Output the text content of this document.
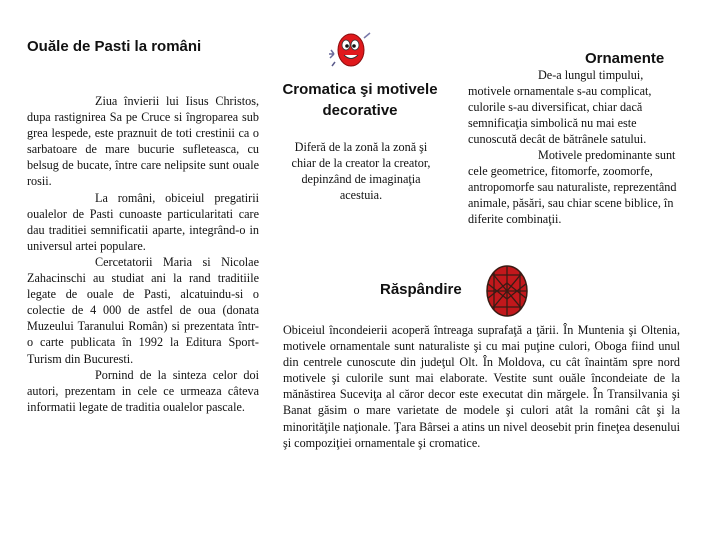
Ouăle de Pasti la români

Ziua învierii lui Iisus Christos, dupa rastignirea Sa pe Cruce si îngroparea sub grea lespede, este praznuit de toti crestinii ca o sarbatoare de mare bucurie sufleteasca, cu belsug de bucate, între care nelipsite sunt ouale rosii.

La români, obiceiul pregatirii oualelor de Pasti cunoaste particularitati care dau traditiei semnificatii aparte, integrând-o in universul artei populare.

Cercetatorii Maria si Nicolae Zahacinschi au studiat ani la rand traditiile legate de ouale de Pasti, alcatuindu-si o colectie de 4 000 de astfel de oua (donata Muzeului Taranului Român) si prezentata într-o carte publicata în 1992 la Editura Sport-Turism din Bucuresti.

Pornind de la sinteza celor doi autori, prezentam in cele ce urmeaza câteva informatii legate de traditia oualelor pascale.

Cromatica şi motivele decorative
Diferă de la zonă la zonă şi chiar de la creator la creator, depinzând de imaginaţia acestuia.
Ornamente

De-a lungul timpului, motivele ornamentale s-au complicat, culorile s-au diversificat, chiar dacă semnificaţia simbolică nu mai este cunoscută decât de bătrânele satului.

Motivele predominante sunt cele geometrice, fitomorfe, zoomorfe, antropomorfe sau naturaliste, reprezentând animale, păsări, sau chiar scene biblice, în diferite combinaţii.

Răspândire
Obiceiul încondeierii acoperă întreaga suprafaţă a ţării. În Muntenia şi Oltenia, motivele ornamentale sunt naturaliste şi cu mai puţine culori, Oboga fiind unul din centrele cunoscute din judeţul Olt. În Moldova, cu cât înaintăm spre nord motivele şi culorile sunt mai elaborate. Vestite sunt ouăle încondeiate de la mănăstirea Suceviţa al căror decor este executat din mărgele. În Transilvania şi Banat găsim o mare varietate de modele şi culori atât la români cât şi la minorităţile naţionale. Ţara Bârsei a atins un nivel deosebit prin fineţea desenului şi compoziţiei ornamentale şi cromatice.
